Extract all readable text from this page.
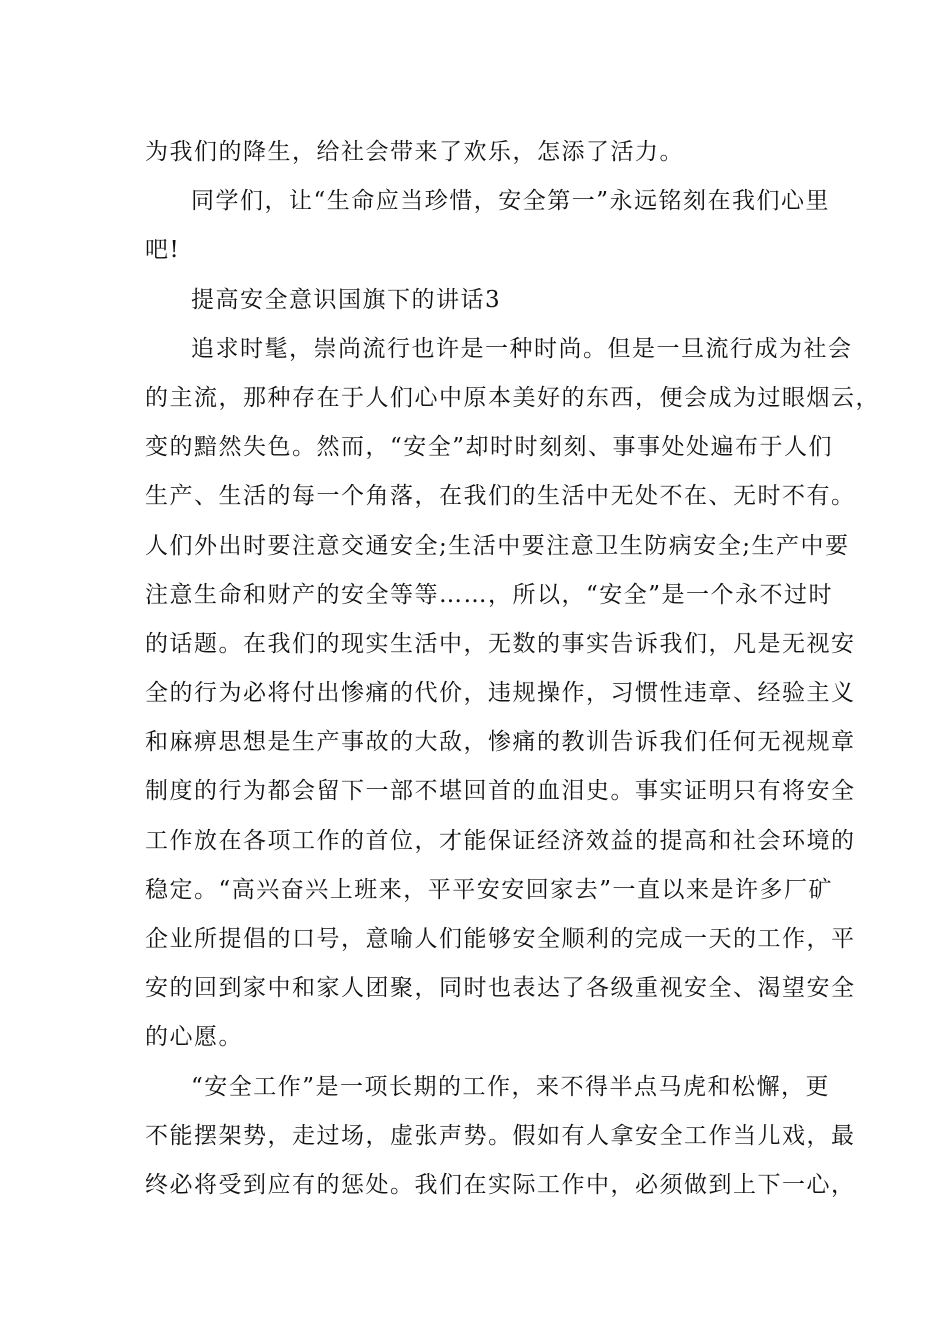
为我们的降生，给社会带来了欢乐，怎添了活力。
同学们，让“生命应当珍惜，安全第一”永远铭刻在我们心里
吧!
提高安全意识国旗下的讲话3
追求时髦，崇尚流行也许是一种时尚。但是一旦流行成为社会
的主流，那种存在于人们心中原本美好的东西，便会成为过眼烟云，
变的黯然失色。然而，“安全”却时时刻刻、事事处处遍布于人们
生产、生活的每一个角落，在我们的生活中无处不在、无时不有。
人们外出时要注意交通安全;生活中要注意卫生防病安全;生产中要
注意生命和财产的安全等等……，所以，“安全”是一个永不过时
的话题。在我们的现实生活中，无数的事实告诉我们，凡是无视安
全的行为必将付出惨痛的代价，违规操作，习惯性违章、经验主义
和麻痹思想是生产事故的大敌，惨痛的教训告诉我们任何无视规章
制度的行为都会留下一部不堪回首的血泪史。事实证明只有将安全
工作放在各项工作的首位，才能保证经济效益的提高和社会环境的
稳定。“高兴奋兴上班来，平平安安回家去”一直以来是许多厂矿
企业所提倡的口号，意喻人们能够安全顺利的完成一天的工作，平
安的回到家中和家人团聚，同时也表达了各级重视安全、渴望安全
的心愿。
“安全工作”是一项长期的工作，来不得半点马虎和松懈，更
不能摆架势，走过场，虚张声势。假如有人拿安全工作当儿戏，最
终必将受到应有的惩处。我们在实际工作中，必须做到上下一心，
